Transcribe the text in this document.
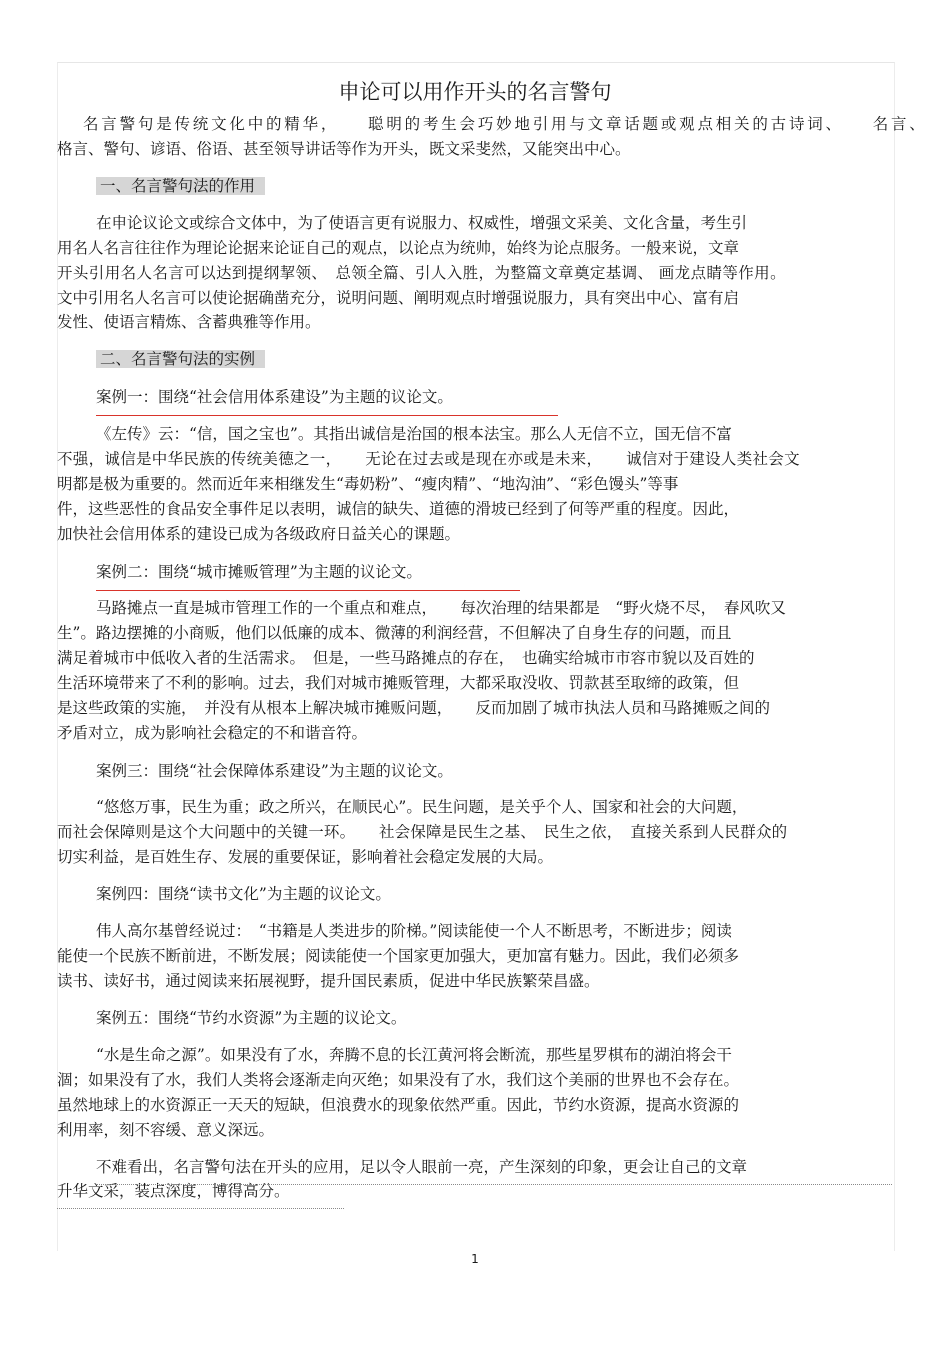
申论可以用作开头的名言警句
名言警句是传统文化中的精华，　　聪明的考生会巧妙地引用与文章话题或观点相关的古诗词、　　名言、
格言、警句、谚语、俗语、甚至领导讲话等作为开头，既文采斐然，又能突出中心。
一、名言警句法的作用
在申论议论文或综合文体中，为了使语言更有说服力、权威性，增强文采美、文化含量，考生引
用名人名言往往作为理论论据来论证自己的观点，以论点为统帅，始终为论点服务。一般来说，文章
开头引用名人名言可以达到提纲挈领、　总领全篇、引人入胜，为整篇文章奠定基调、 画龙点睛等作用。
文中引用名人名言可以使论据确凿充分，说明问题、阐明观点时增强说服力，具有突出中心、富有启
发性、使语言精炼、含蓄典雅等作用。
二、名言警句法的实例
案例一：围绕“社会信用体系建设”为主题的议论文。
《左传》云：“信，国之宝也”。其指出诚信是治国的根本法宝。那么人无信不立，国无信不富
不强，诚信是中华民族的传统美德之一，　　无论在过去或是现在亦或是未来，　　诚信对于建设人类社会文
明都是极为重要的。然而近年来相继发生“毒奶粉”、“瘦肉精”、“地沟油”、“彩色馒头”等事
件，这些恶性的食品安全事件足以表明，诚信的缺失、道德的滑坡已经到了何等严重的程度。因此，
加快社会信用体系的建设已成为各级政府日益关心的课题。
案例二：围绕“城市摊贩管理”为主题的议论文。
马路摊点一直是城市管理工作的一个重点和难点，　　每次治理的结果都是　“野火烧不尽，　春风吹又
生”。路边摆摊的小商贩，他们以低廉的成本、微薄的利润经营，不但解决了自身生存的问题，而且
满足着城市中低收入者的生活需求。　但是，一些马路摊点的存在，　也确实给城市市容市貌以及百姓的
生活环境带来了不利的影响。过去，我们对城市摊贩管理，大都采取没收、罚款甚至取缔的政策，但
是这些政策的实施，　并没有从根本上解决城市摊贩问题，　　反而加剧了城市执法人员和马路摊贩之间的
矛盾对立，成为影响社会稳定的不和谐音符。
案例三：围绕“社会保障体系建设”为主题的议论文。
“悠悠万事，民生为重；政之所兴，在顺民心”。民生问题，是关乎个人、国家和社会的大问题，
而社会保障则是这个大问题中的关键一环。　　社会保障是民生之基、　民生之依，　直接关系到人民群众的
切实利益，是百姓生存、发展的重要保证，影响着社会稳定发展的大局。
案例四：围绕“读书文化”为主题的议论文。
伟人高尔基曾经说过：　“书籍是人类进步的阶梯。”阅读能使一个人不断思考，不断进步；阅读
能使一个民族不断前进，不断发展；阅读能使一个国家更加强大，更加富有魅力。因此，我们必须多
读书、读好书，通过阅读来拓展视野，提升国民素质，促进中华民族繁荣昌盛。
案例五：围绕“节约水资源”为主题的议论文。
“水是生命之源”。如果没有了水，奔腾不息的长江黄河将会断流，那些星罗棋布的湖泊将会干
涸；如果没有了水，我们人类将会逐渐走向灭绝；如果没有了水，我们这个美丽的世界也不会存在。
虽然地球上的水资源正一天天的短缺，但浪费水的现象依然严重。因此，节约水资源，提高水资源的
利用率，刻不容缓、意义深远。
不难看出，名言警句法在开头的应用，足以令人眼前一亮，产生深刻的印象，更会让自己的文章
升华文采，装点深度，博得高分。
1
